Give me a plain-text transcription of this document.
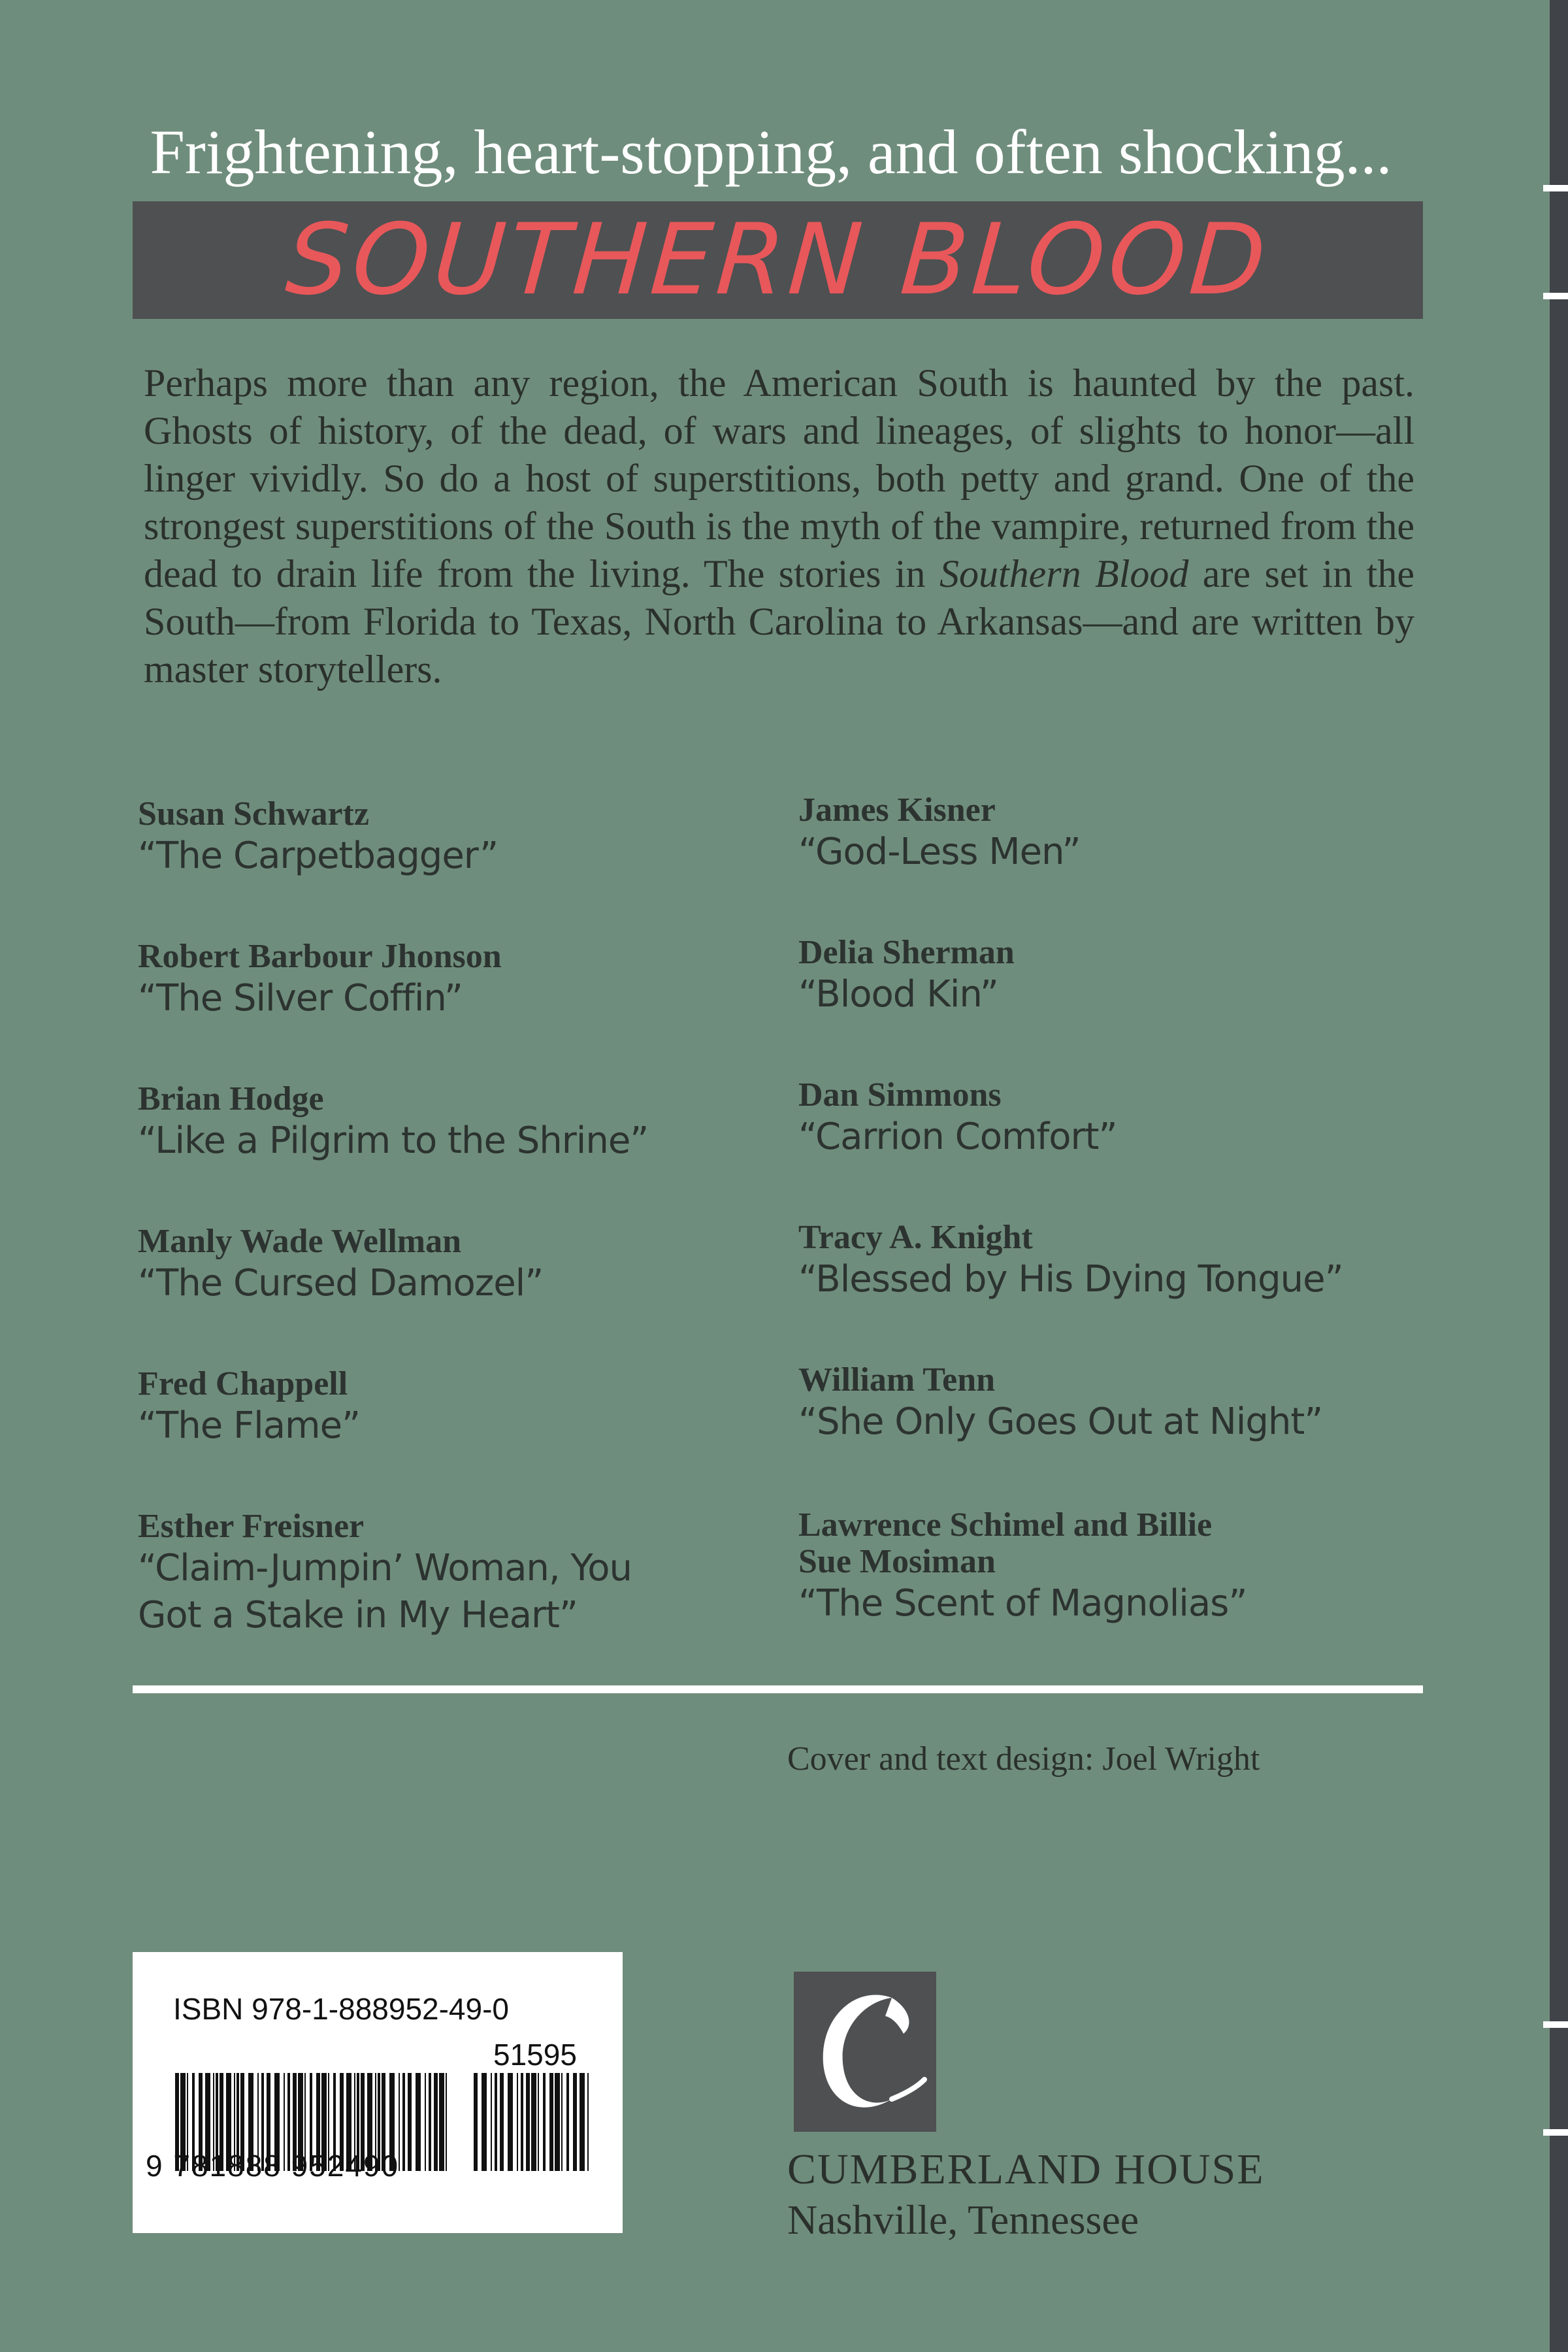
Frightening, heart-stopping, and often shocking...
SOUTHERN BLOOD
Perhaps more than any region, the American South is haunted by the past. Ghosts of history, of the dead, of wars and lineages, of slights to honor—all linger vividly. So do a host of superstitions, both petty and grand. One of the strongest superstitions of the South is the myth of the vampire, returned from the dead to drain life from the living. The stories in Southern Blood are set in the South—from Florida to Texas, North Carolina to Arkansas—and are written by master storytellers.
Susan Schwartz
“The Carpetbagger”
Robert Barbour Jhonson
“The Silver Coffin”
Brian Hodge
“Like a Pilgrim to the Shrine”
Manly Wade Wellman
“The Cursed Damozel”
Fred Chappell
“The Flame”
Esther Freisner
“Claim-Jumpin’ Woman, You Got a Stake in My Heart”
James Kisner
“God-Less Men”
Delia Sherman
“Blood Kin”
Dan Simmons
“Carrion Comfort”
Tracy A. Knight
“Blessed by His Dying Tongue”
William Tenn
“She Only Goes Out at Night”
Lawrence Schimel and Billie Sue Mosiman
“The Scent of Magnolias”
Cover and text design: Joel Wright
ISBN 978-1-888952-49-0
51595
9 781888 952490	CUMBERLAND HOUSE
Nashville, Tennessee
